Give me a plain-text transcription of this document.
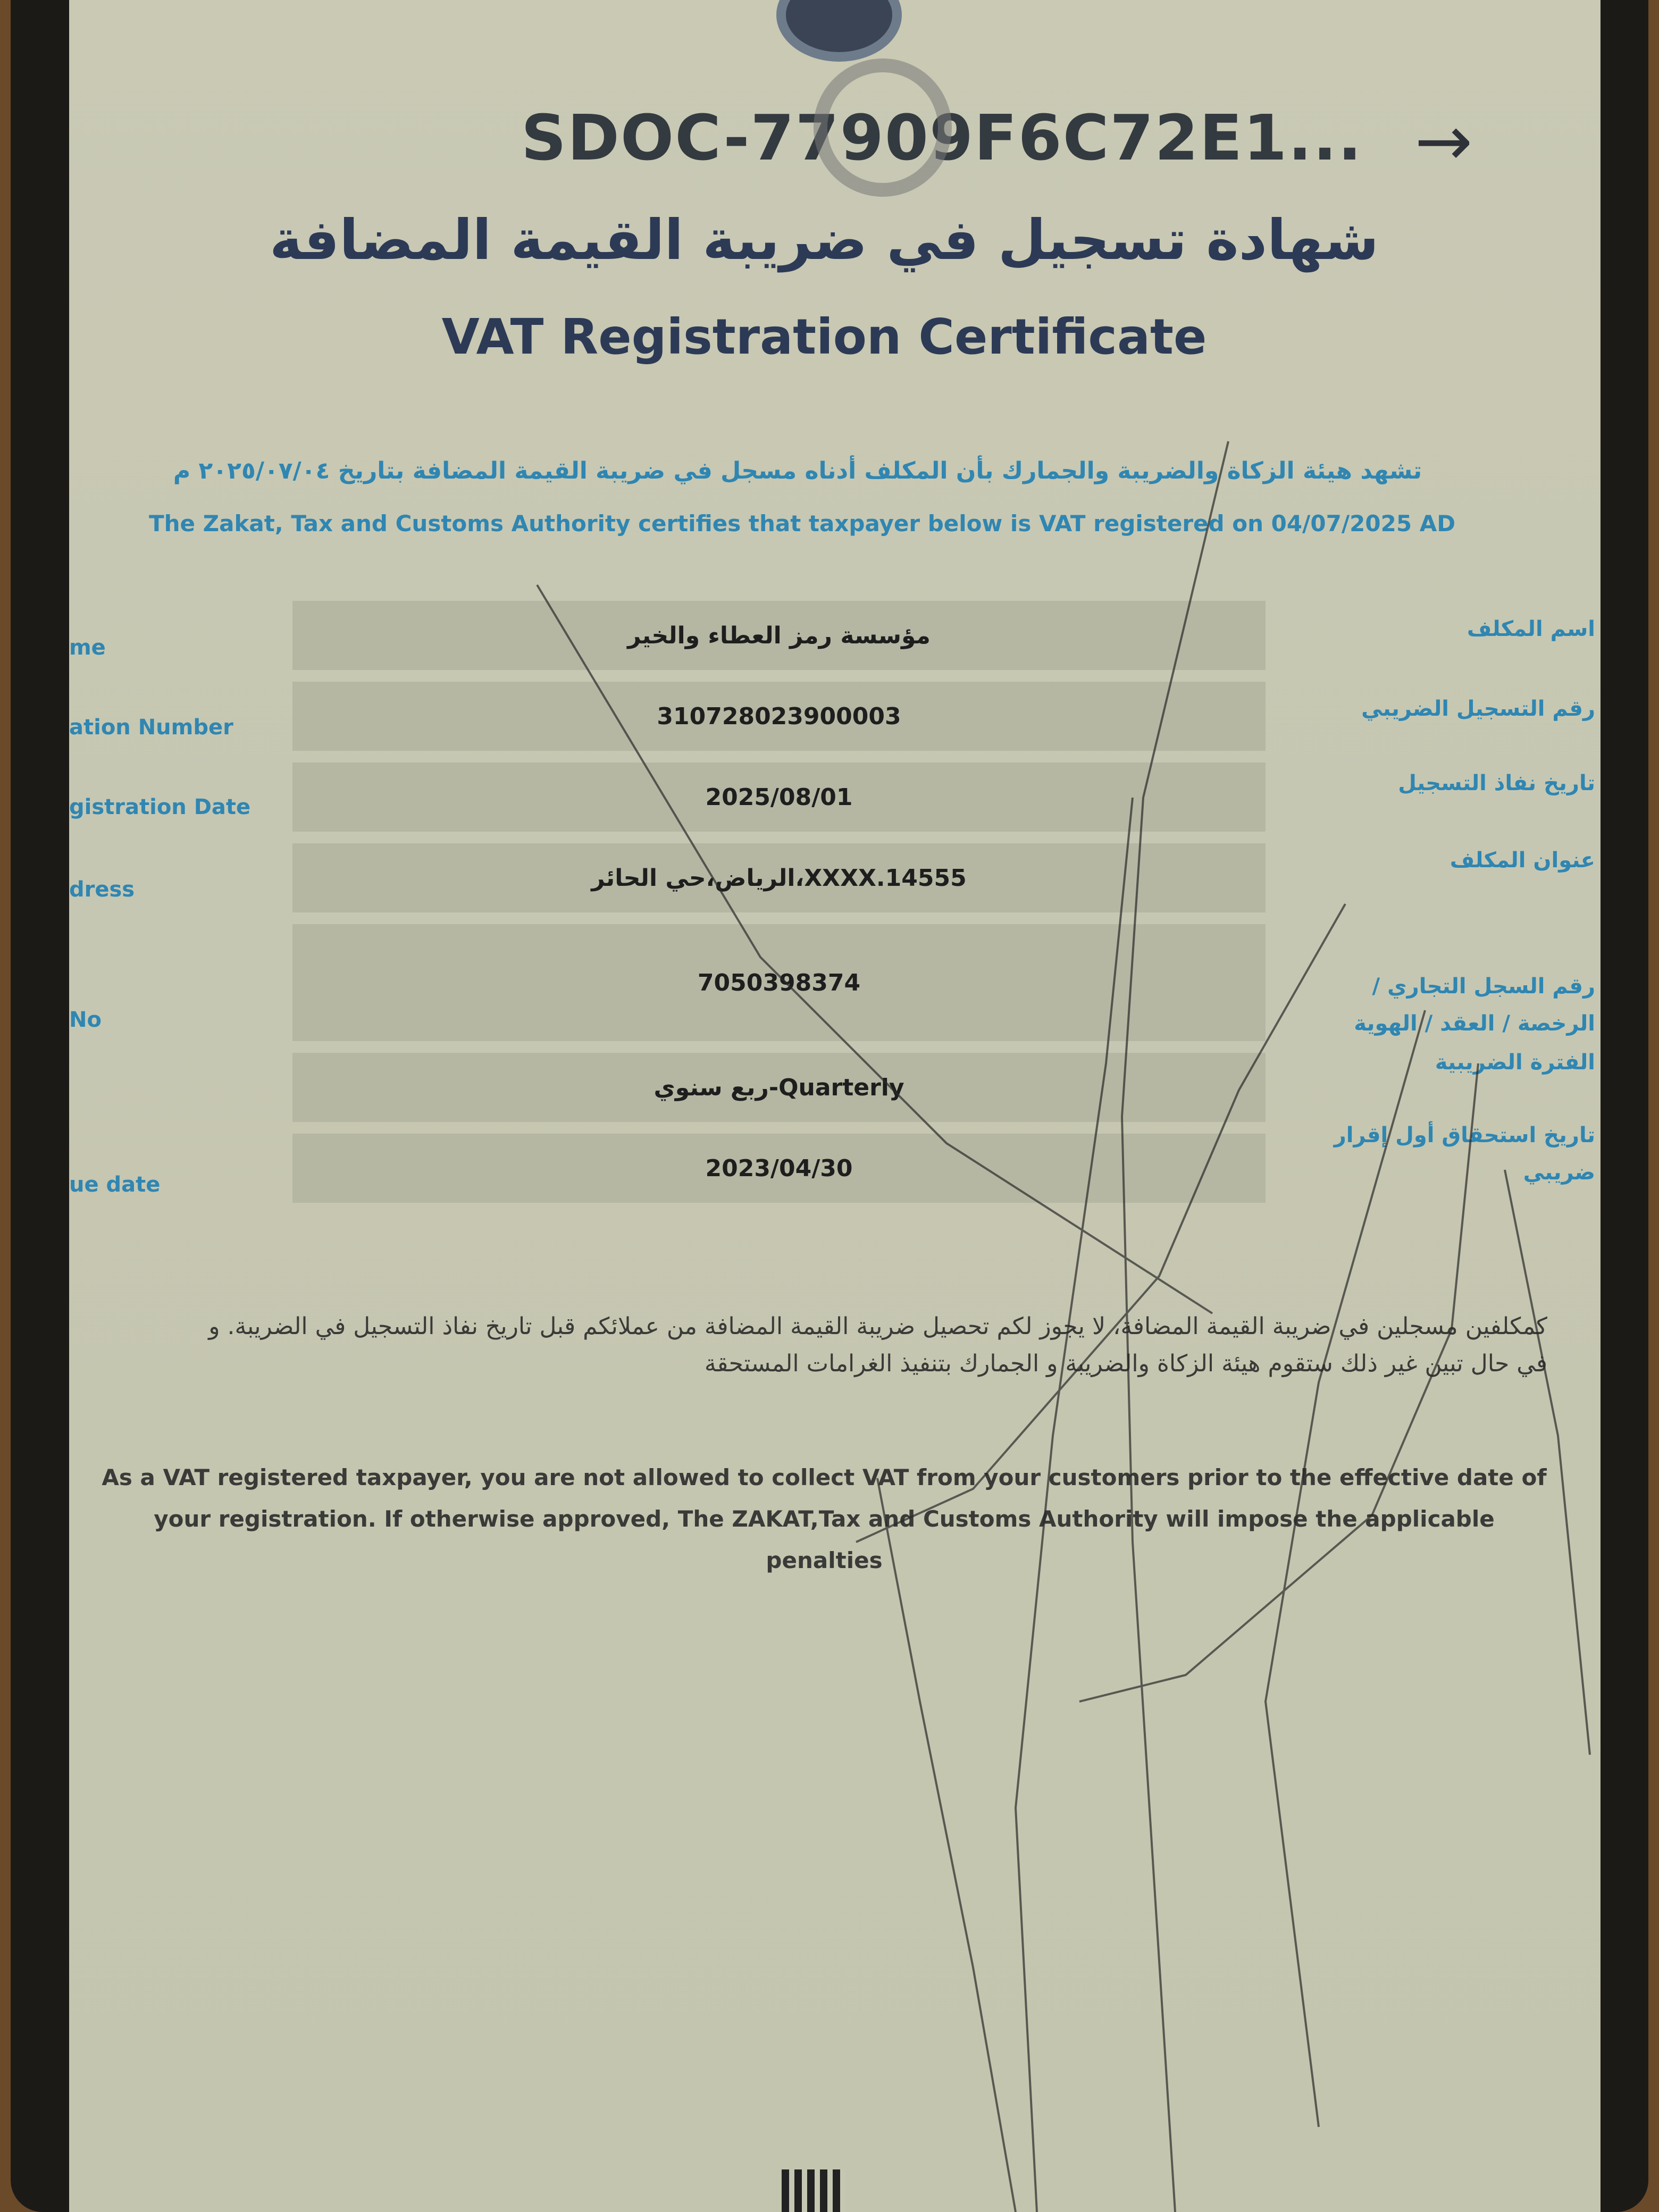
SDOC-77909F6C72E1... →
شهادة تسجيل في ضريبة القيمة المضافة
VAT Registration Certificate
تشهد هيئة الزكاة والضريبة والجمارك بأن المكلف أدناه مسجل في ضريبة القيمة المضافة بتاريخ ٢٠٢٥/٠٧/٠٤ م
The Zakat, Tax and Customs Authority certifies that taxpayer below is VAT registered on 04/07/2025 AD
me
اسم المكلف
ation Number
رقم التسجيل الضريبي
gistration Date
تاريخ نفاذ التسجيل
dress
عنوان المكلف
No
رقم السجل التجاري / الرخصة / العقد / الهوية
الفترة الضريبية
ue date
تاريخ استحقاق أول إقرار ضريبي
مؤسسة رمز العطاء والخير
310728023900003
2025/08/01
الرياض،حي الحائر،XXXX.14555
7050398374
ربع سنوي-Quarterly
2023/04/30
كمكلفين مسجلين في ضريبة القيمة المضافة، لا يجوز لكم تحصيل ضريبة القيمة المضافة من عملائكم قبل تاريخ نفاذ التسجيل في الضريبة. و في حال تبين غير ذلك ستقوم هيئة الزكاة والضريبة و الجمارك بتنفيذ الغرامات المستحقة
As a VAT registered taxpayer, you are not allowed to collect VAT from your customers prior to the effective date of your registration. If otherwise approved, The ZAKAT,Tax and Customs Authority will impose the applicable penalties
